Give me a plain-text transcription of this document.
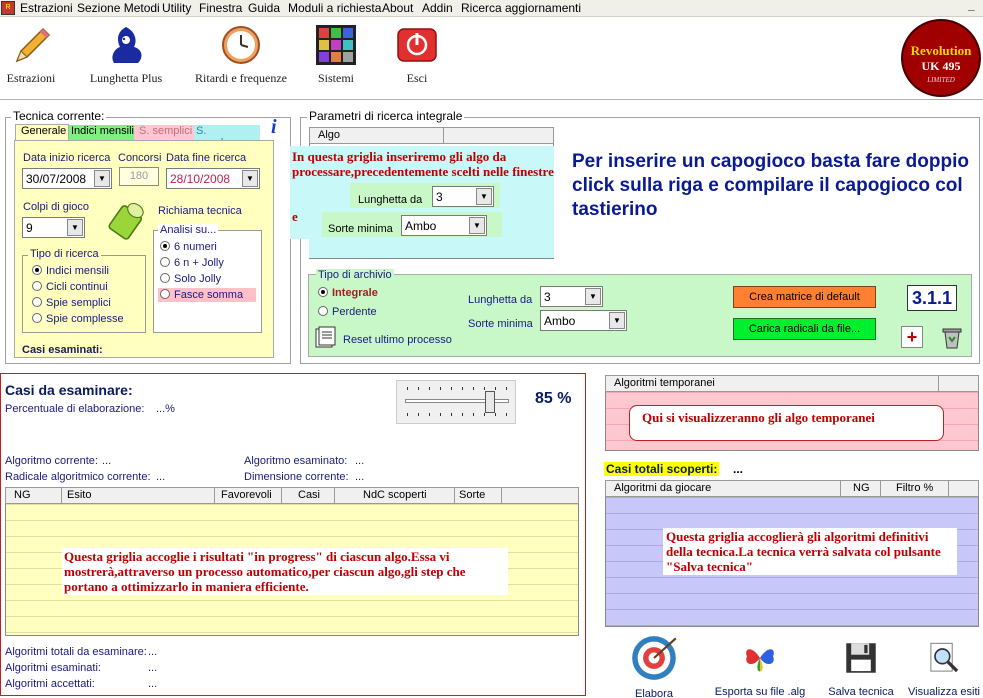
R Estrazioni Sezione Metodi Utility Finestra Guida Moduli a richiesta About Addin Ricerca aggiornamenti	_
Estrazioni	Lunghetta Plus	Ritardi e frequenze	Sistemi	Esci
Revolution
UK 495
LIMITED
Tecnica corrente:	i
Generale Indici mensili S. semplici S.
Data inizio ricerca
30/07/2008	▼
Concorsi
180
Data fine ricerca
28/10/2008	▼
Colpi di gioco
9	▼
Richiama tecnica
Tipo di ricerca
Indici mensili
Cicli continui
Spie semplici
Spie complesse
Analisi su...
6 numeri
6 n + Jolly
Solo Jolly
Fasce somma
Casi esaminati:
Parametri di ricerca integrale
Algo
In questa griglia inseriremo gli algo da processare,precedentemente scelti nelle finestre
e
Lunghetta da	3	▼
Sorte minima	Ambo	▼
Per inserire un capogioco basta fare doppio click sulla riga e compilare il capogioco col tastierino
Tipo di archivio
Integrale
Perdente
Reset ultimo processo
Lunghetta da 3	▼
Sorte minima Ambo	▼
Crea matrice di default
Carica radicali da file...
3.1.1
+
Casi da esaminare:
Percentuale di elaborazione: ...%
85 %
Algoritmo corrente: ...	Algoritmo esaminato: ...
Radicale algoritmico corrente: ...	Dimensione corrente: ...
NG	Esito	Favorevoli Casi	NdC scoperti	Sorte
Questa griglia accoglie i risultati "in progress" di ciascun algo.Essa vi mostrerà,attraverso un processo automatico,per ciascun algo,gli step che portano a ottimizzarlo in maniera efficiente.
Algoritmi totali da esaminare: ...
Algoritmi esaminati:	...
Algoritmi accettati:	...
Algoritmi temporanei
Qui si visualizzeranno gli algo temporanei
Casi totali scoperti: ...
Algoritmi da giocare	NG Filtro %
Questa griglia accoglierà gli algoritmi definitivi della tecnica.La tecnica verrà salvata col pulsante "Salva tecnica"
Elabora	Esporta su file .alg	Salva tecnica	Visualizza esiti
